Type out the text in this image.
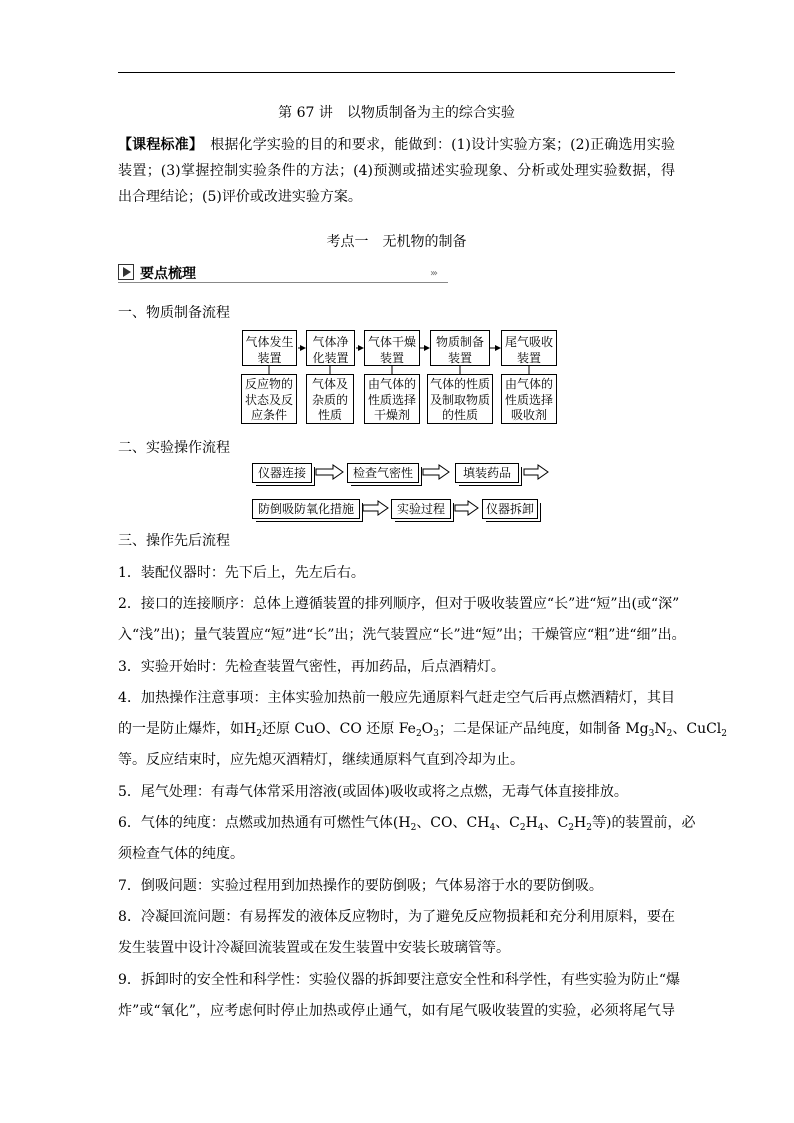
第 67 讲　以物质制备为主的综合实验
【课程标准】　根据化学实验的目的和要求，能做到：(1)设计实验方案；(2)正确选用实验装置；(3)掌握控制实验条件的方法；(4)预测或描述实验现象、分析或处理实验数据，得出合理结论；(5)评价或改进实验方案。
考点一　无机物的制备
要点梳理	›››
一、物质制备流程
气体发生装置
气体净化装置
气体干燥装置
物质制备装置
尾气吸收装置
反应物的状态及反应条件
气体及杂质的性质
由气体的性质选择干燥剂
气体的性质及制取物质的性质
由气体的性质选择吸收剂
二、实验操作流程
仪器连接	检查气密性	填装药品
防倒吸防氧化措施	实验过程	仪器拆卸
三、操作先后流程
1．装配仪器时：先下后上，先左后右。
2．接口的连接顺序：总体上遵循装置的排列顺序，但对于吸收装置应“长”进“短”出(或“深”
入“浅”出)；量气装置应“短”进“长”出；洗气装置应“长”进“短”出；干燥管应“粗”进“细”出。
3．实验开始时：先检查装置气密性，再加药品，后点酒精灯。
4．加热操作注意事项：主体实验加热前一般应先通原料气赶走空气后再点燃酒精灯，其目
的一是防止爆炸，如$H_2$还原 CuO、CO 还原 $Fe_2O_3$；二是保证产品纯度，如制备 $Mg_3N_2$、CuCl$_2$
等。反应结束时，应先熄灭酒精灯，继续通原料气直到冷却为止。
5．尾气处理：有毒气体常采用溶液(或固体)吸收或将之点燃，无毒气体直接排放。
6．气体的纯度：点燃或加热通有可燃性气体($H_2$、CO、$CH_4$、$C_2H_4$、$C_2H_2$等)的装置前，必
须检查气体的纯度。
7．倒吸问题：实验过程用到加热操作的要防倒吸；气体易溶于水的要防倒吸。
8．冷凝回流问题：有易挥发的液体反应物时，为了避免反应物损耗和充分利用原料，要在
发生装置中设计冷凝回流装置或在发生装置中安装长玻璃管等。
9．拆卸时的安全性和科学性：实验仪器的拆卸要注意安全性和科学性，有些实验为防止“爆
炸”或“氧化”，应考虑何时停止加热或停止通气，如有尾气吸收装置的实验，必须将尾气导
